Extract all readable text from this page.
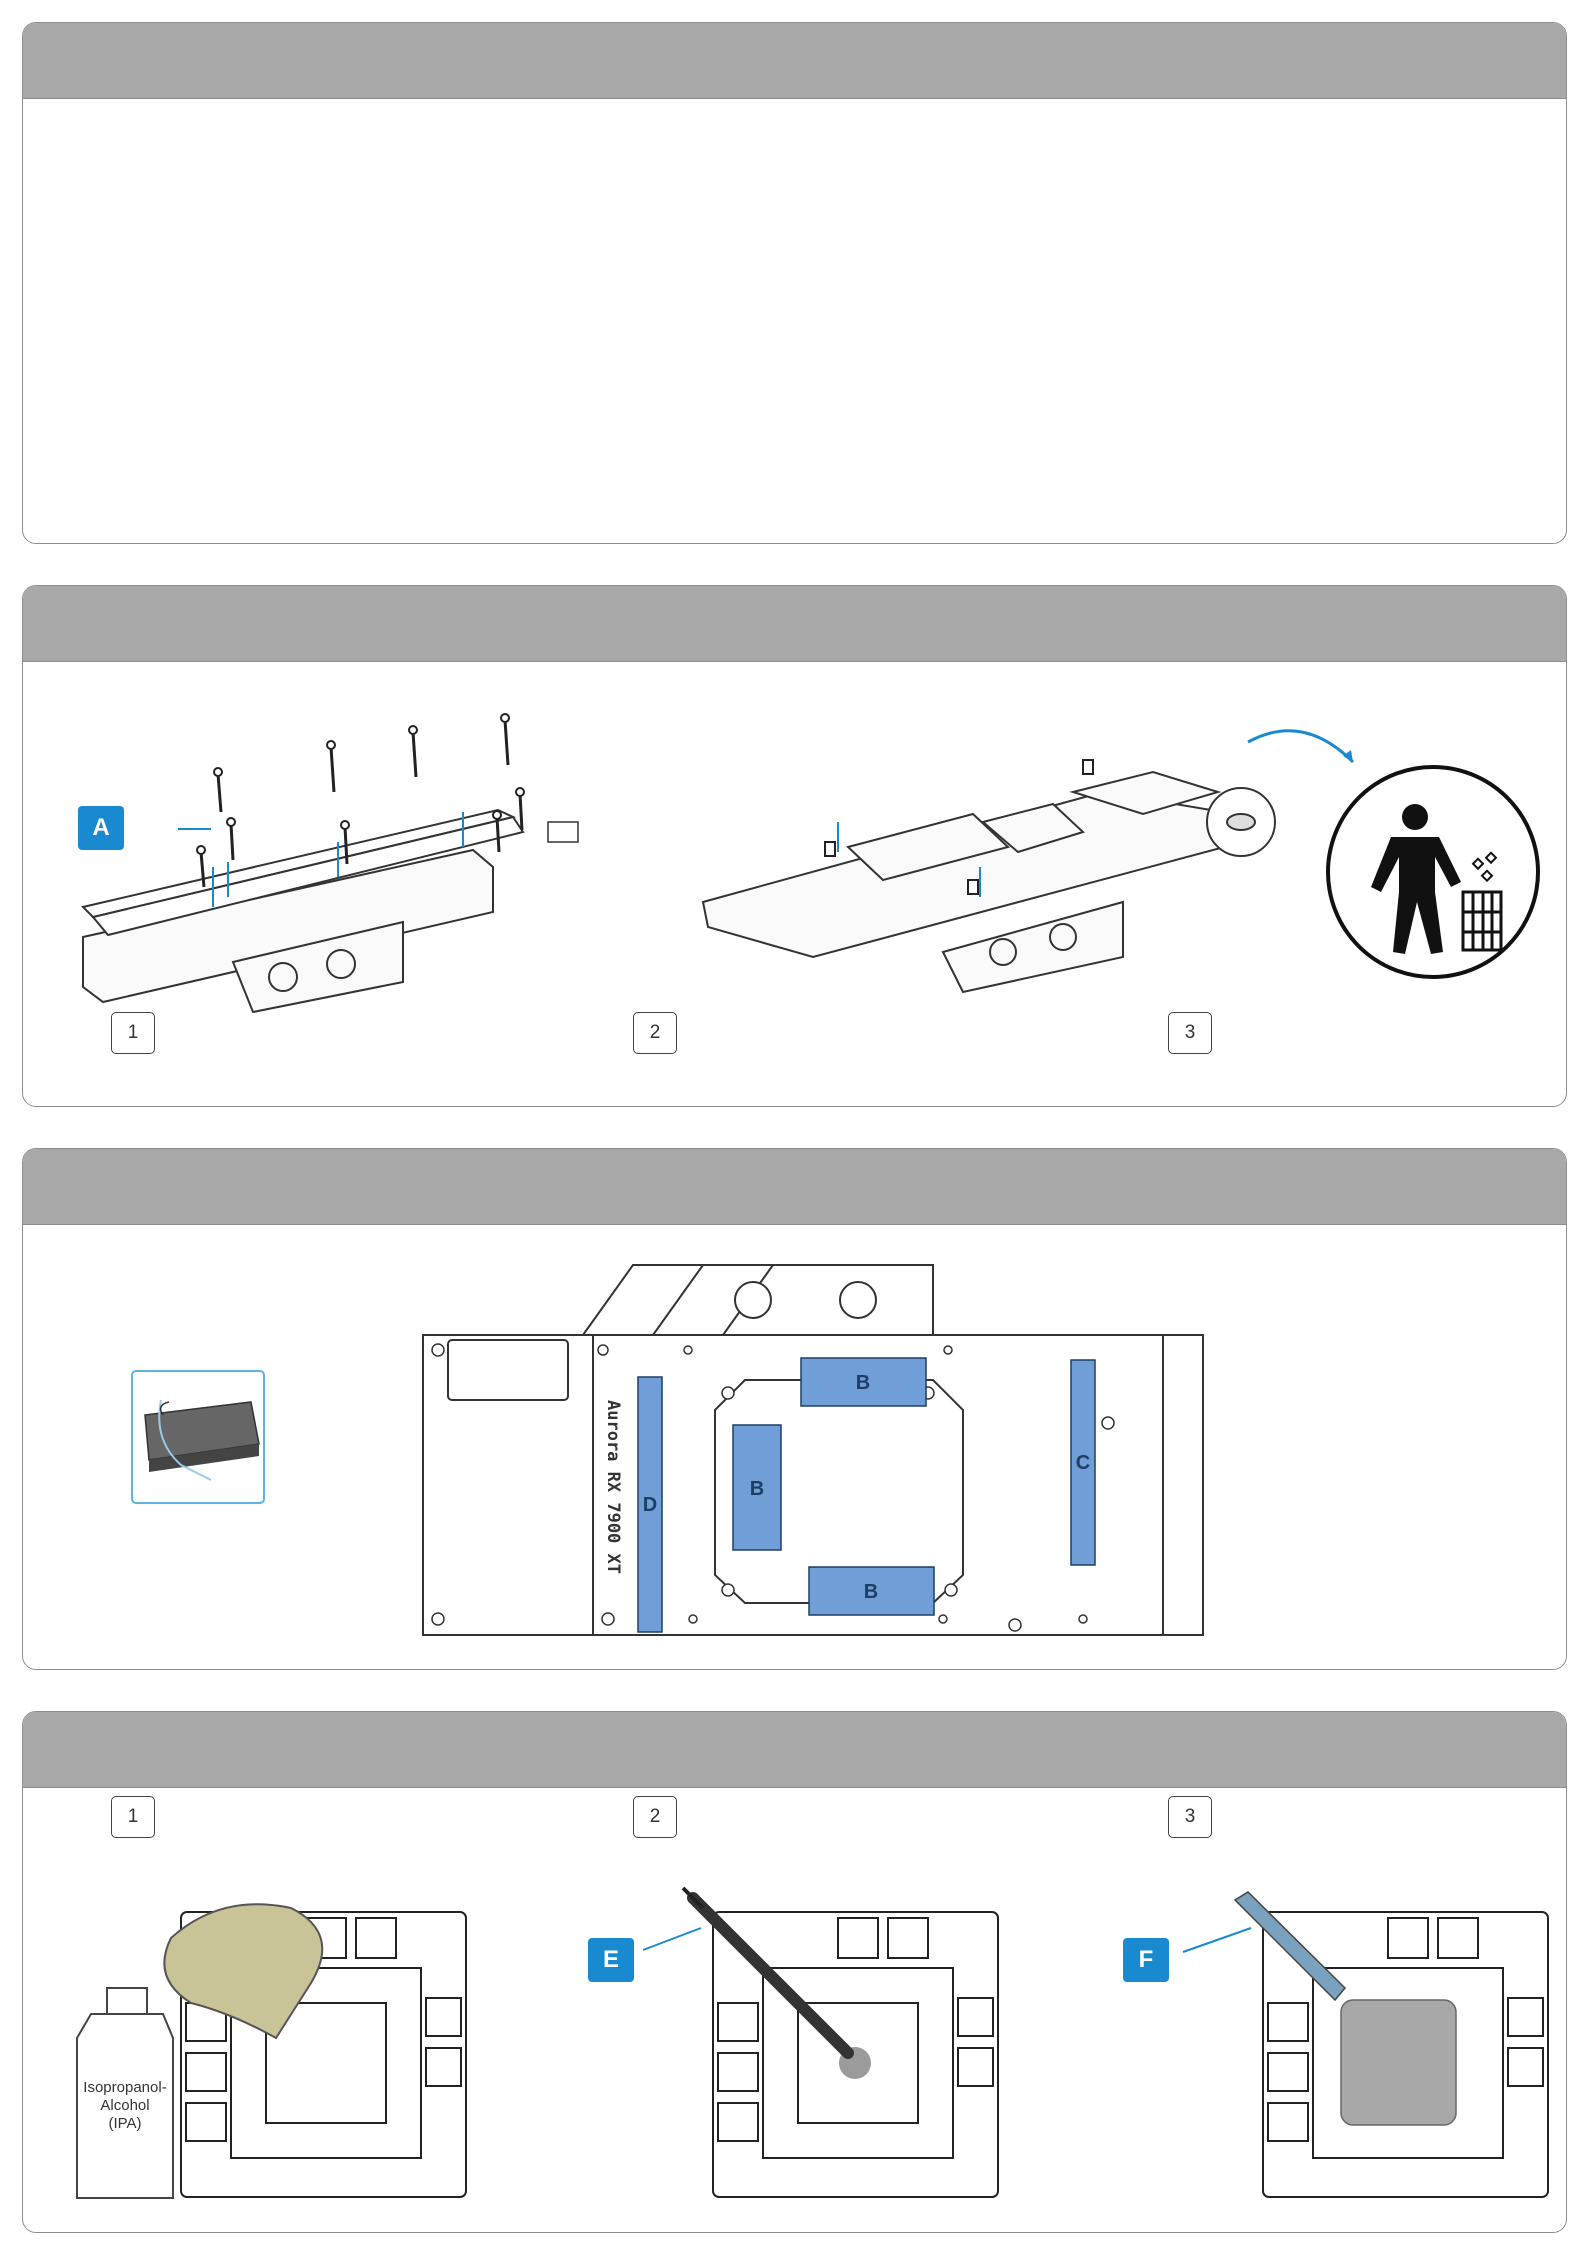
A
1	2	3
B
B
B
C
D
Aurora RX 7900 XT
1	2	3
Isopropanol-
Alcohol
(IPA)
E	F
